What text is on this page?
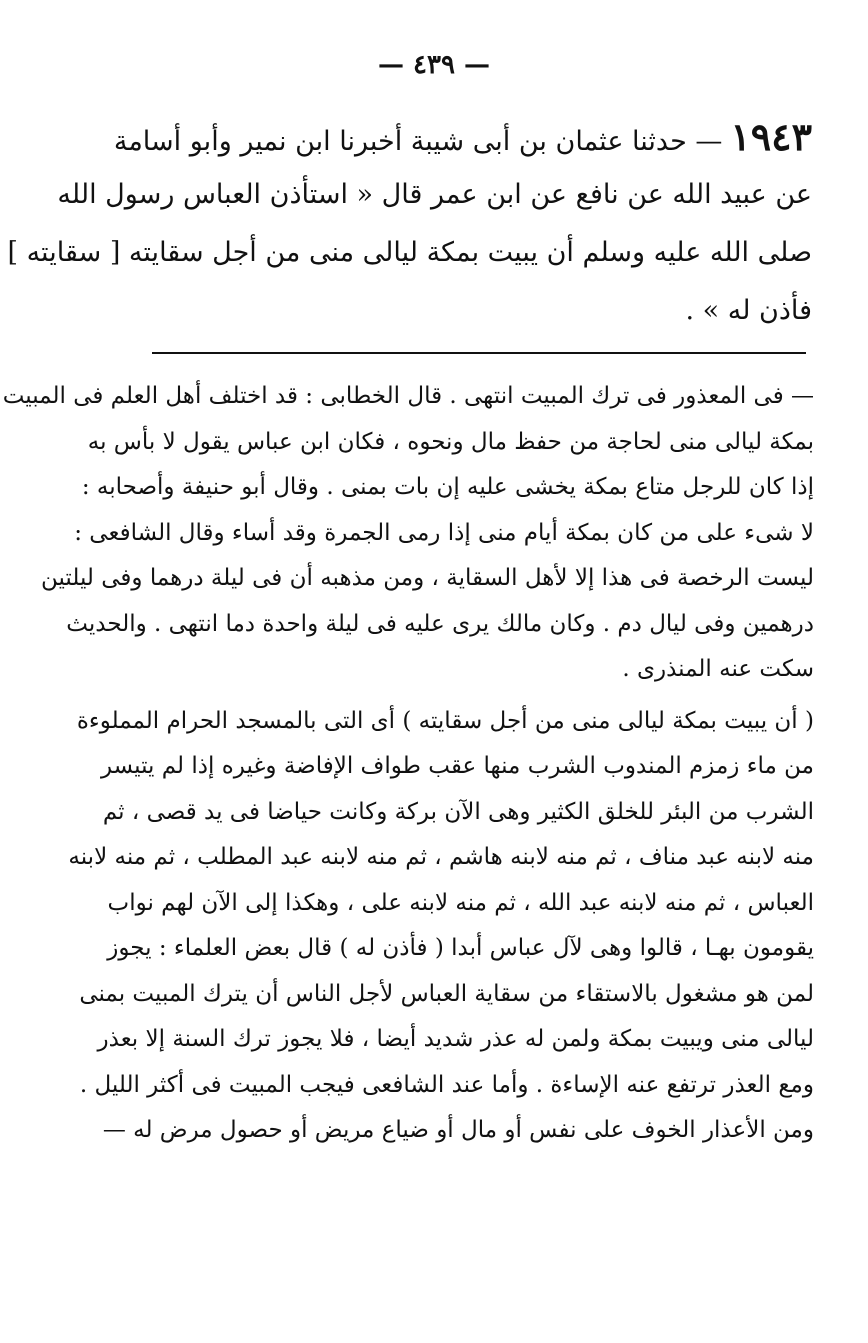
— ٤٣٩ —
١٩٤٣— حدثنا عثمان بن أبى شيبة أخبرنا ابن نمير وأبو أسامة
عن عبيد الله عن نافع عن ابن عمر قال « استأذن العباس رسول الله
صلى الله عليه وسلم أن يبيت بمكة ليالى منى من أجل سقايته [ سقايته ]
فأذن له » .
— فى المعذور فى ترك المبيت انتهى . قال الخطابى : قد اختلف أهل العلم فى المبيت
بمكة ليالى منى لحاجة من حفظ مال ونحوه ، فكان ابن عباس يقول لا بأس به
إذا كان للرجل متاع بمكة يخشى عليه إن بات بمنى . وقال أبو حنيفة وأصحابه :
لا شىء على من كان بمكة أيام منى إذا رمى الجمرة وقد أساء وقال الشافعى :
ليست الرخصة فى هذا إلا لأهل السقاية ، ومن مذهبه أن فى ليلة درهما وفى ليلتين
درهمين وفى ليال دم . وكان مالك يرى عليه فى ليلة واحدة دما انتهى . والحديث
سكت عنه المنذرى .
( أن يبيت بمكة ليالى منى من أجل سقايته ) أى التى بالمسجد الحرام المملوءة
من ماء زمزم المندوب الشرب منها عقب طواف الإفاضة وغيره إذا لم يتيسر
الشرب من البئر للخلق الكثير وهى الآن بركة وكانت حياضا فى يد قصى ، ثم
منه لابنه عبد مناف ، ثم منه لابنه هاشم ، ثم منه لابنه عبد المطلب ، ثم منه لابنه
العباس ، ثم منه لابنه عبد الله ، ثم منه لابنه على ، وهكذا إلى الآن لهم نواب
يقومون بهـا ، قالوا وهى لآل عباس أبدا ( فأذن له ) قال بعض العلماء : يجوز
لمن هو مشغول بالاستقاء من سقاية العباس لأجل الناس أن يترك المبيت بمنى
ليالى منى ويبيت بمكة ولمن له عذر شديد أيضا ، فلا يجوز ترك السنة إلا بعذر
ومع العذر ترتفع عنه الإساءة . وأما عند الشافعى فيجب المبيت فى أكثر الليل .
ومن الأعذار الخوف على نفس أو مال أو ضياع مريض أو حصول مرض له —
